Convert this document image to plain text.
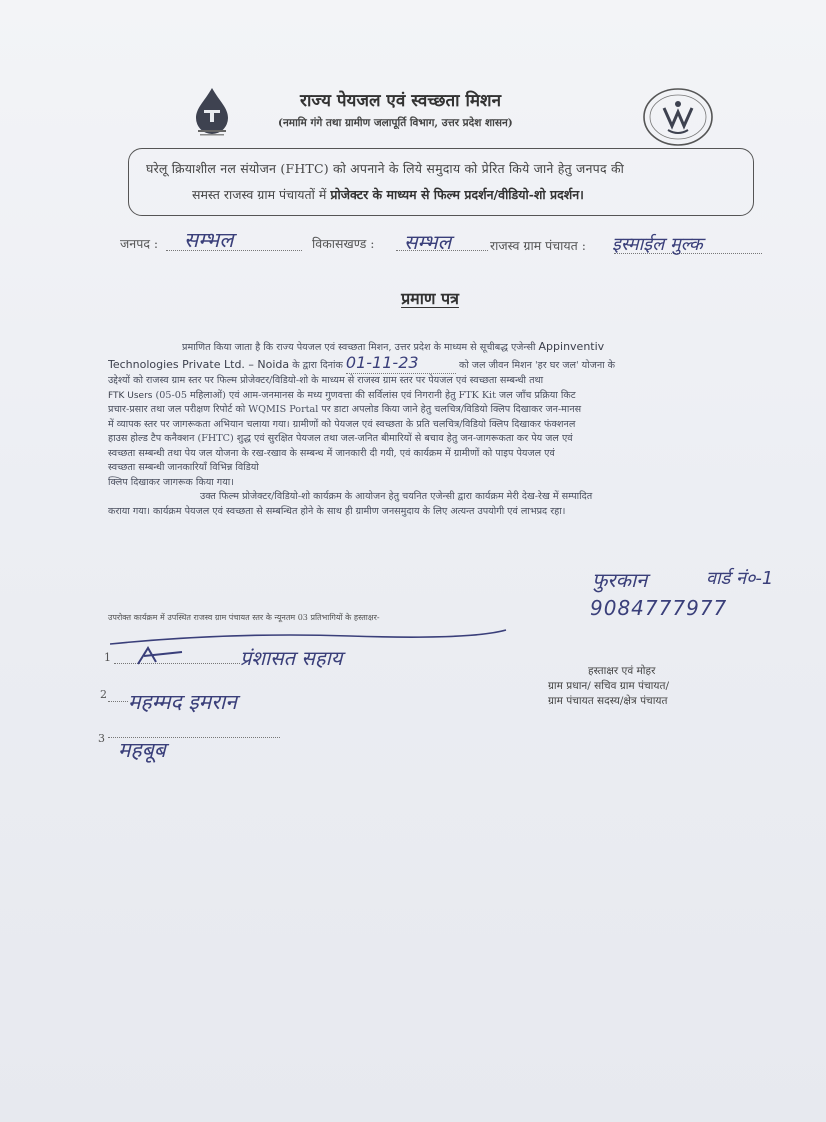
राज्य पेयजल एवं स्वच्छता मिशन
(नमामि गंगे तथा ग्रामीण जलापूर्ति विभाग, उत्तर प्रदेश शासन)
घरेलू क्रियाशील नल संयोजन (FHTC) को अपनाने के लिये समुदाय को प्रेरित किये जाने हेतु जनपद की
समस्त राजस्व ग्राम पंचायतों में प्रोजेक्टर के माध्यम से फिल्म प्रदर्शन/वीडियो-शो प्रदर्शन।
जनपद : सम्भल	विकासखण्ड : सम्भल	राजस्व ग्राम पंचायत : इस्माईल मुल्क
प्रमाण पत्र
प्रमाणित किया जाता है कि राज्य पेयजल एवं स्वच्छता मिशन, उत्तर प्रदेश के माध्यम से सूचीबद्ध एजेन्सी Appinventiv
Technologies Private Ltd. – Noida के द्वारा दिनांक 01-11-23	को जल जीवन मिशन 'हर घर जल' योजना के
उद्देश्यों को राजस्व ग्राम स्तर पर फिल्म प्रोजेक्टर/विडियो-शो के माध्यम से राजस्व ग्राम स्तर पर पेयजल एवं स्वच्छता सम्बन्धी तथा
FTK Users (05-05 महिलाओं) एवं आम-जनमानस के मध्य गुणवत्ता की सर्विलांस एवं निगरानी हेतु FTK Kit जल जाँच प्रक्रिया किट
प्रचार-प्रसार तथा जल परीक्षण रिपोर्ट को WQMIS Portal पर डाटा अपलोड किया जाने हेतु चलचित्र/विडियो क्लिप दिखाकर जन-मानस
में व्यापक स्तर पर जागरूकता अभियान चलाया गया। ग्रामीणों को पेयजल एवं स्वच्छता के प्रति चलचित्र/विडियो क्लिप दिखाकर फंक्शनल
हाउस होल्ड टैप कनैक्शन (FHTC) शुद्ध एवं सुरक्षित पेयजल तथा जल-जनित बीमारियों से बचाव हेतु जन-जागरूकता कर पेय जल एवं
स्वच्छता सम्बन्धी तथा पेय जल योजना के रख-रखाव के सम्बन्ध में जानकारी दी गयी, एवं कार्यक्रम में ग्रामीणों को पाइप पेयजल एवं
स्वच्छता सम्बन्धी जानकारियाँ विभिन्न विडियो
क्लिप दिखाकर जागरूक किया गया।
उक्त फिल्म प्रोजेक्टर/विडियो-शो कार्यक्रम के आयोजन हेतु चयनित एजेन्सी द्वारा कार्यक्रम मेरी देख-रेख में सम्पादित
कराया गया। कार्यक्रम पेयजल एवं स्वच्छता से सम्बन्धित होने के साथ ही ग्रामीण जनसमुदाय के लिए अत्यन्त उपयोगी एवं लाभप्रद रहा।
फुरकान	वार्ड नं०-1
9084777977
उपरोक्त कार्यक्रम में उपस्थित राजस्व ग्राम पंचायत स्तर के न्यूनतम 03 प्रतिभागियों के हस्ताक्षर-
1	प्रंशासत सहाय
2 महम्मद इमरान
3 महबूब
हस्ताक्षर एवं मोहर
ग्राम प्रधान/ सचिव ग्राम पंचायत/
ग्राम पंचायत सदस्य/क्षेत्र पंचायत
